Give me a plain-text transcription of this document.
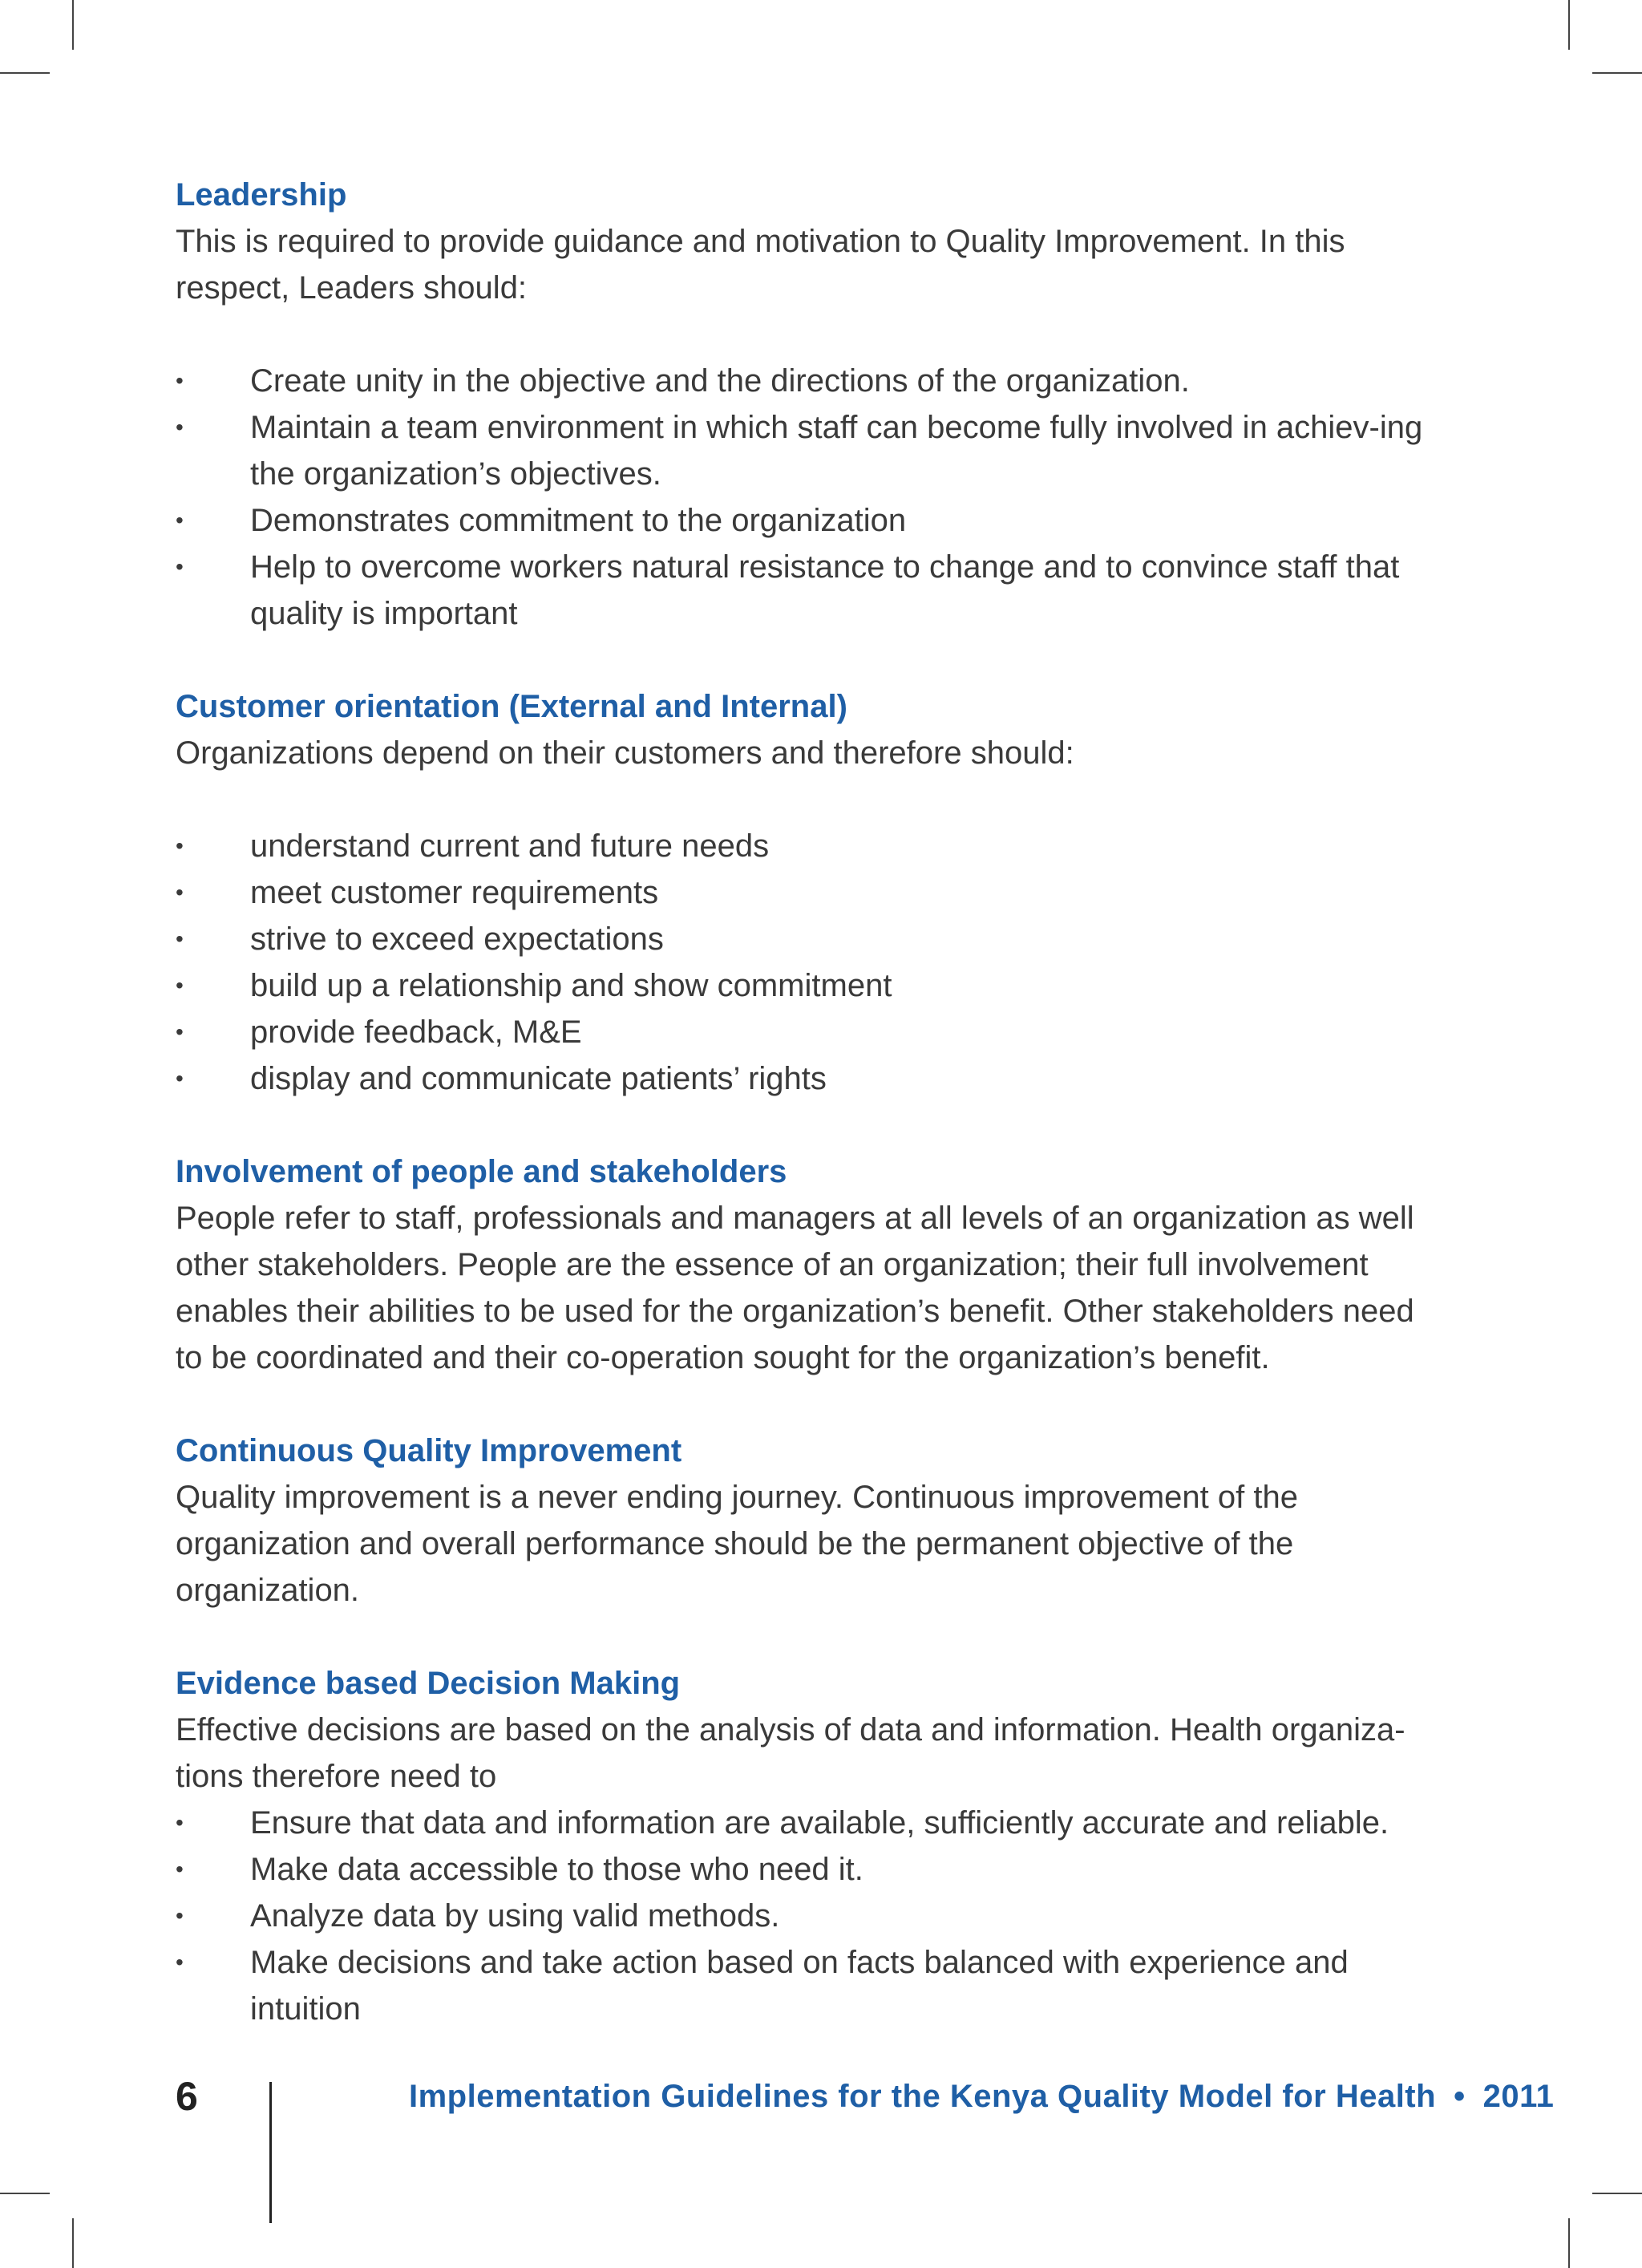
Leadership

This is required to provide guidance and motivation to Quality Improvement. In this respect, Leaders should:

• Create unity in the objective and the directions of the organization.
• Maintain a team environment in which staff can become fully involved in achiev-ing the organization’s objectives.
• Demonstrates commitment to the organization
• Help to overcome workers natural resistance to change and to convince staff that quality is important
Customer orientation (External and Internal)

Organizations depend on their customers and therefore should:

• understand current and future needs
• meet customer requirements
• strive to exceed expectations
• build up a relationship and show commitment
• provide feedback, M&E
• display and communicate patients’ rights
Involvement of people and stakeholders

People refer to staff, professionals and managers at all levels of an organization as well other stakeholders. People are the essence of an organization; their full involvement enables their abilities to be used for the organization’s benefit. Other stakeholders need to be coordinated and their co-operation sought for the organization’s benefit.

Continuous Quality Improvement

Quality improvement is a never ending journey. Continuous improvement of the organization and overall performance should be the permanent objective of the organization.

Evidence based Decision Making

Effective decisions are based on the analysis of data and information. Health organiza-tions therefore need to

• Ensure that data and information are available, sufficiently accurate and reliable.
• Make data accessible to those who need it.
• Analyze data by using valid methods.
• Make decisions and take action based on facts balanced with experience and intuition
6	Implementation Guidelines for the Kenya Quality Model for Health • 2011
